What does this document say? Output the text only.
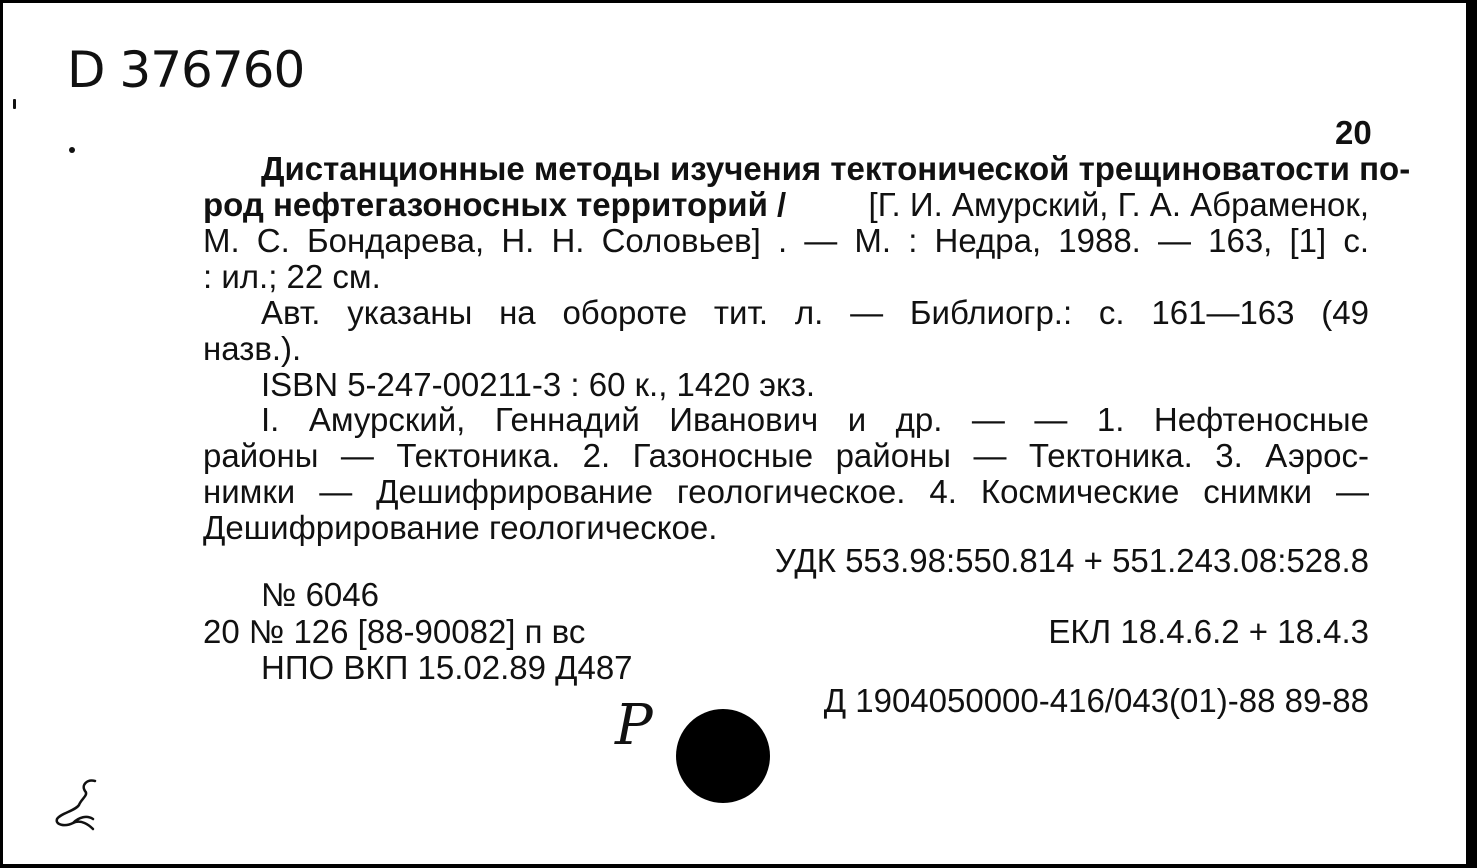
D 376760
20
Дистанционные методы изучения тектонической трещиноватости по-
род нефтегазоносных территорий / [Г. И. Амурский, Г. А. Абраменок,
М. С. Бондарева, Н. Н. Соловьев] . — М. : Недра, 1988. — 163, [1] с.
: ил.; 22 см.
Авт. указаны на обороте тит. л. — Библиогр.: с. 161—163 (49
назв.).
ISBN 5-247-00211-3 : 60 к., 1420 экз.
I. Амурский, Геннадий Иванович и др. — — 1. Нефтеносные
районы — Тектоника. 2. Газоносные районы — Тектоника. 3. Аэрос-
нимки — Дешифрирование геологическое. 4. Космические снимки —
Дешифрирование геологическое.
УДК 553.98:550.814 + 551.243.08:528.8
№ 6046
20 № 126 [88-90082] п вс	ЕКЛ 18.4.6.2 + 18.4.3
НПО ВКП 15.02.89 Д487
Д 1904050000-416/043(01)-88 89-88
P
